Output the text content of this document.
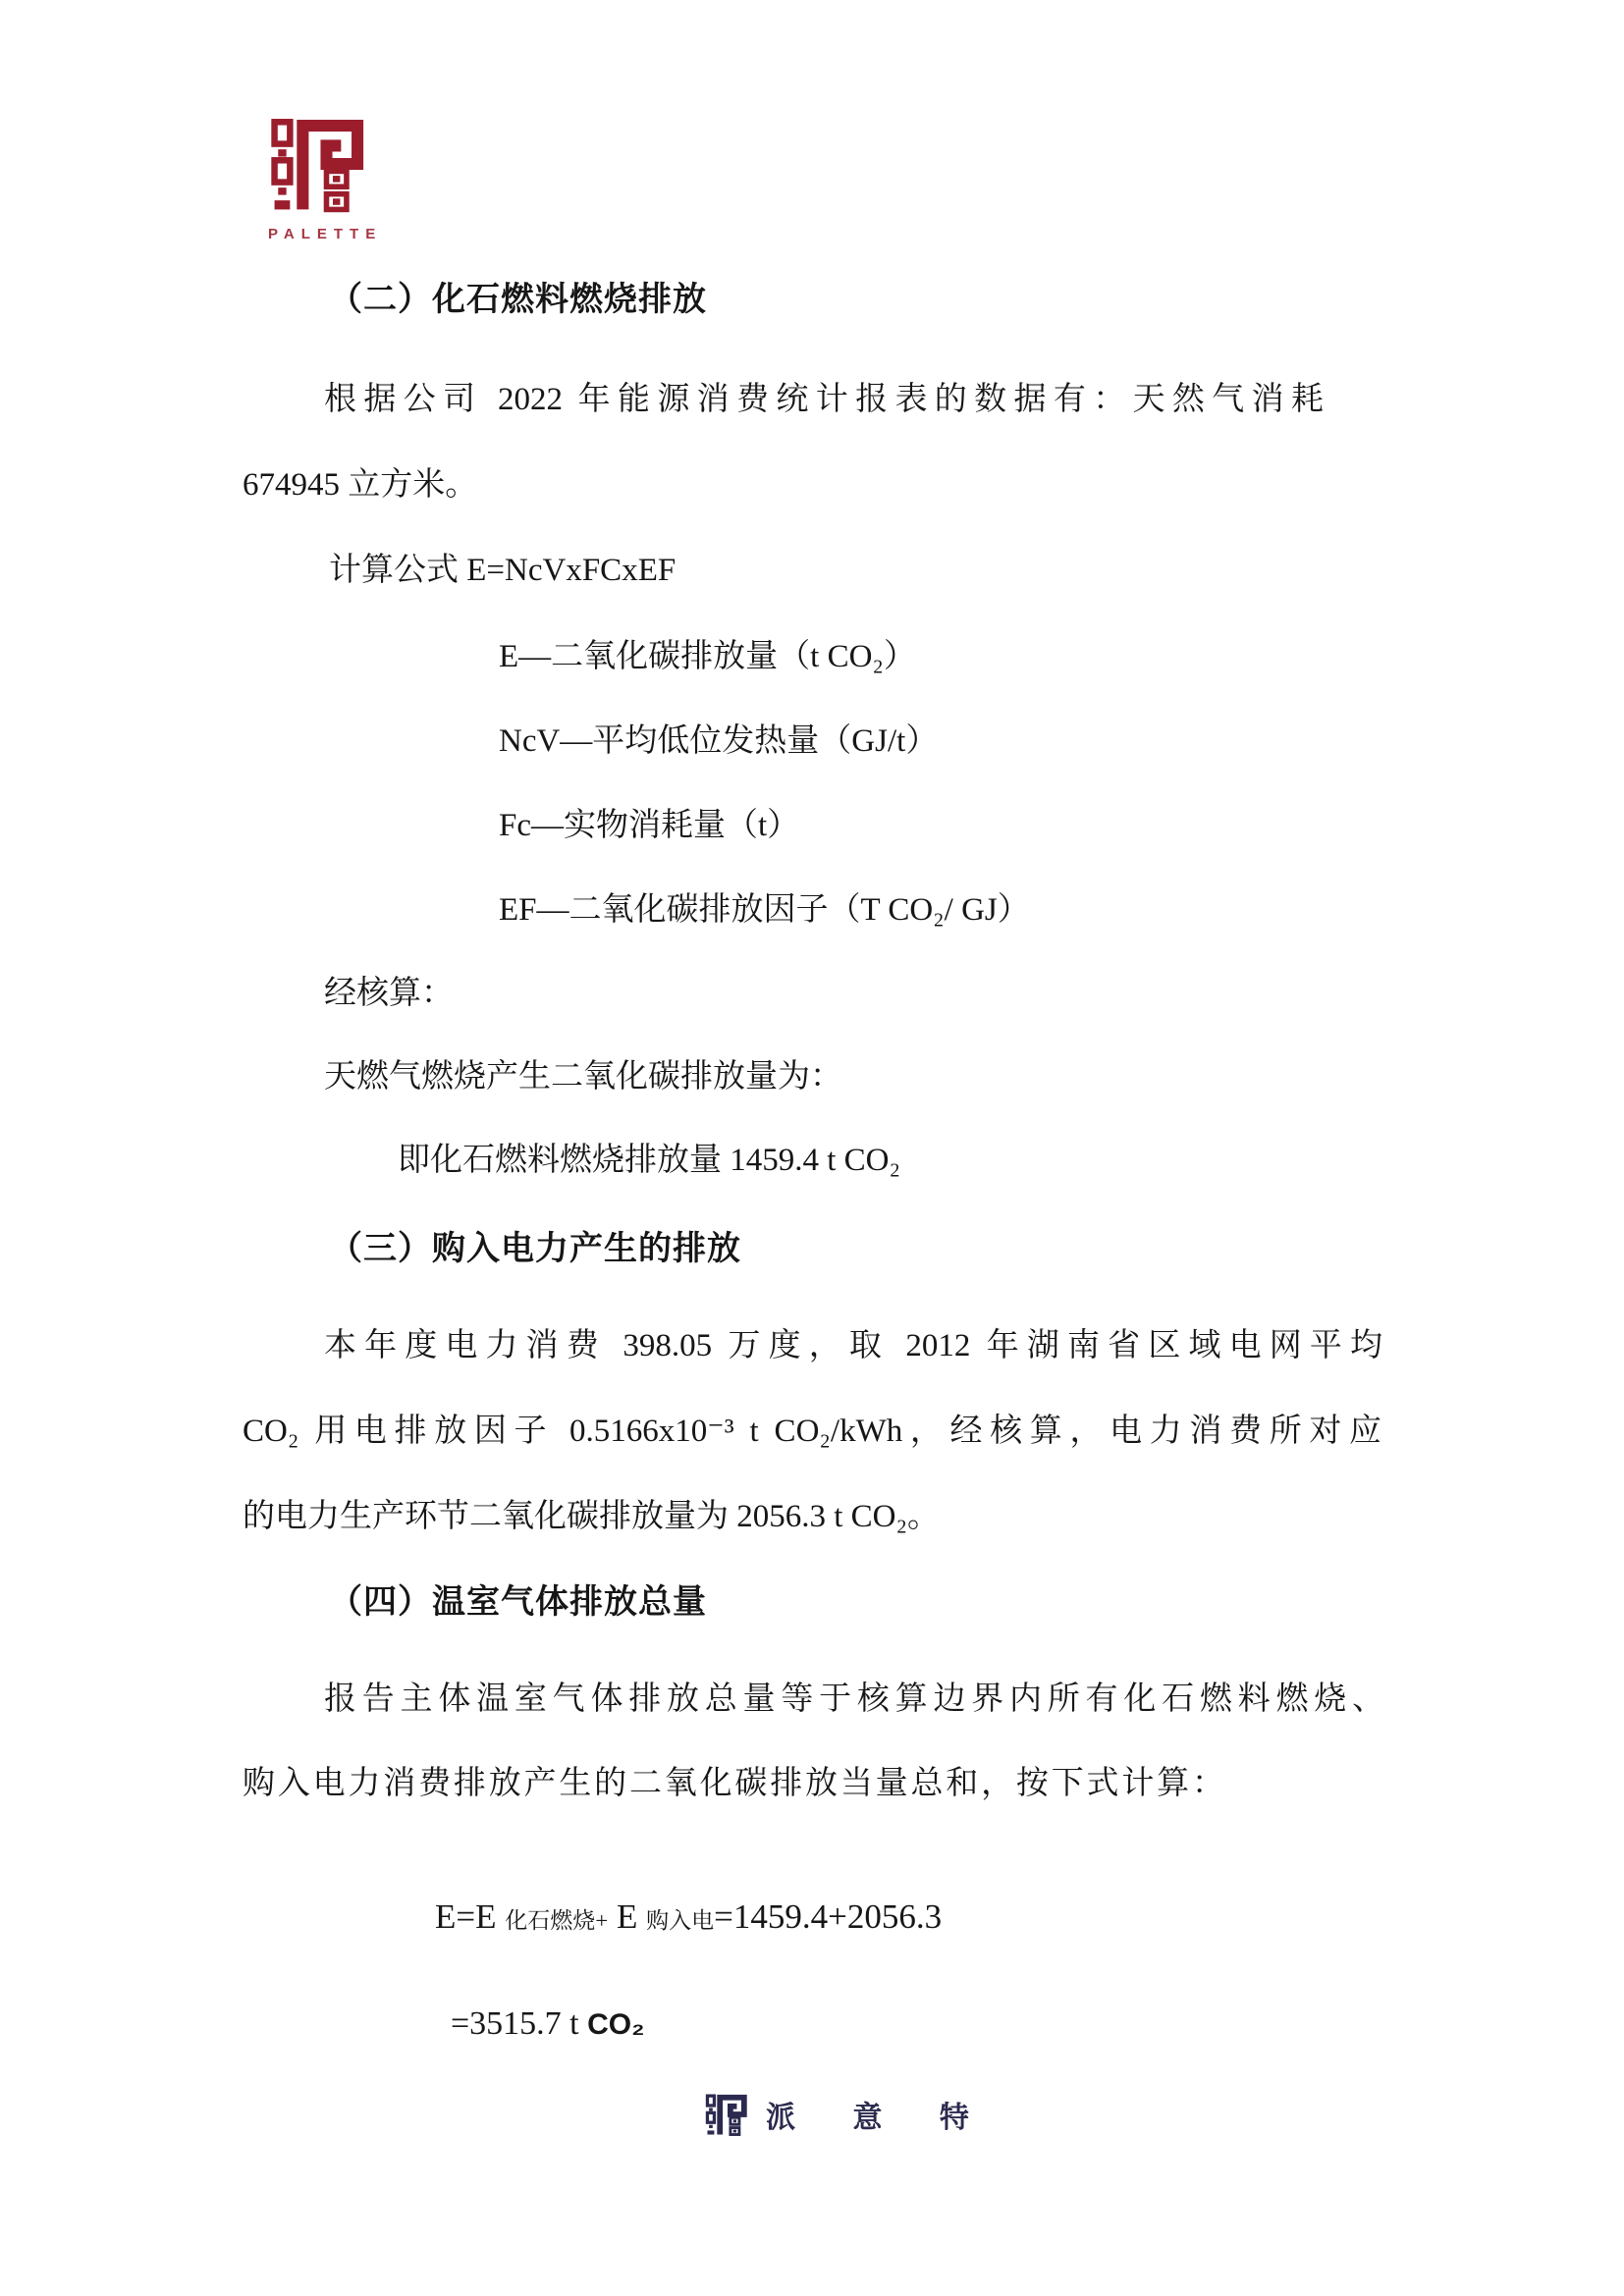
PALETTE
（二）化石燃料燃烧排放
根据公司 2022 年能源消费统计报表的数据有：天然气消耗
674945 立方米。
计算公式 E=NcVxFCxEF
E—二氧化碳排放量（t CO₂）
NcV—平均低位发热量（GJ/t）
Fc—实物消耗量（t）
EF—二氧化碳排放因子（T CO₂/ GJ）
经核算：
天燃气燃烧产生二氧化碳排放量为：
即化石燃料燃烧排放量 1459.4 t CO₂
（三）购入电力产生的排放
本年度电力消费 398.05 万度，取 2012 年湖南省区域电网平均
CO₂ 用电排放因子 0.5166x10⁻³ t CO₂/kWh，经核算，电力消费所对应
的电力生产环节二氧化碳排放量为 2056.3 t CO₂。
（四）温室气体排放总量
报告主体温室气体排放总量等于核算边界内所有化石燃料燃烧、
购入电力消费排放产生的二氧化碳排放当量总和，按下式计算：

E=E 化石燃烧+ E 购入电=1459.4+2056.3

=3515.7 t CO₂

派 意 特
